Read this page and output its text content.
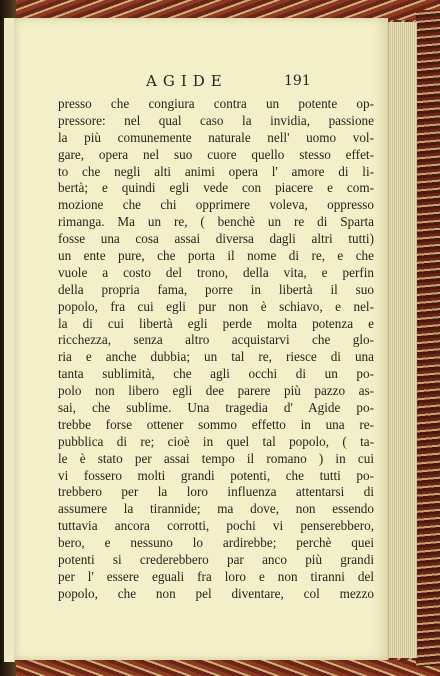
AGIDE	191
presso che congiura contra un potente op-
pressore: nel qual caso la invidia, passione
la più comunemente naturale nell' uomo vol-
gare, opera nel suo cuore quello stesso effet-
to che negli alti animi opera l' amore di li-
bertà; e quindi egli vede con piacere e com-
mozione che chi opprimere voleva, oppresso
rimanga. Ma un re, ( benchè un re di Sparta
fosse una cosa assai diversa dagli altri tutti)
un ente pure, che porta il nome di re, e che
vuole a costo del trono, della vita, e perfin
della propria fama, porre in libertà il suo
popolo, fra cui egli pur non è schiavo, e nel-
la di cui libertà egli perde molta potenza e
ricchezza, senza altro acquistarvi che glo-
ria e anche dubbia; un tal re, riesce di una
tanta sublimità, che agli occhi di un po-
polo non libero egli dee parere più pazzo as-
sai, che sublime. Una tragedia d' Agide po-
trebbe forse ottener sommo effetto in una re-
pubblica di re; cioè in quel tal popolo, ( ta-
le è stato per assai tempo il romano ) in cui
vi fossero molti grandi potenti, che tutti po-
trebbero per la loro influenza attentarsi di
assumere la tirannide; ma dove, non essendo
tuttavia ancora corrotti, pochi vi penserebbero,
bero, e nessuno lo ardirebbe; perchè quei
potenti si crederebbero par anco più grandi
per l' essere eguali fra loro e non tiranni del
popolo, che non pel diventare, col mezzo
